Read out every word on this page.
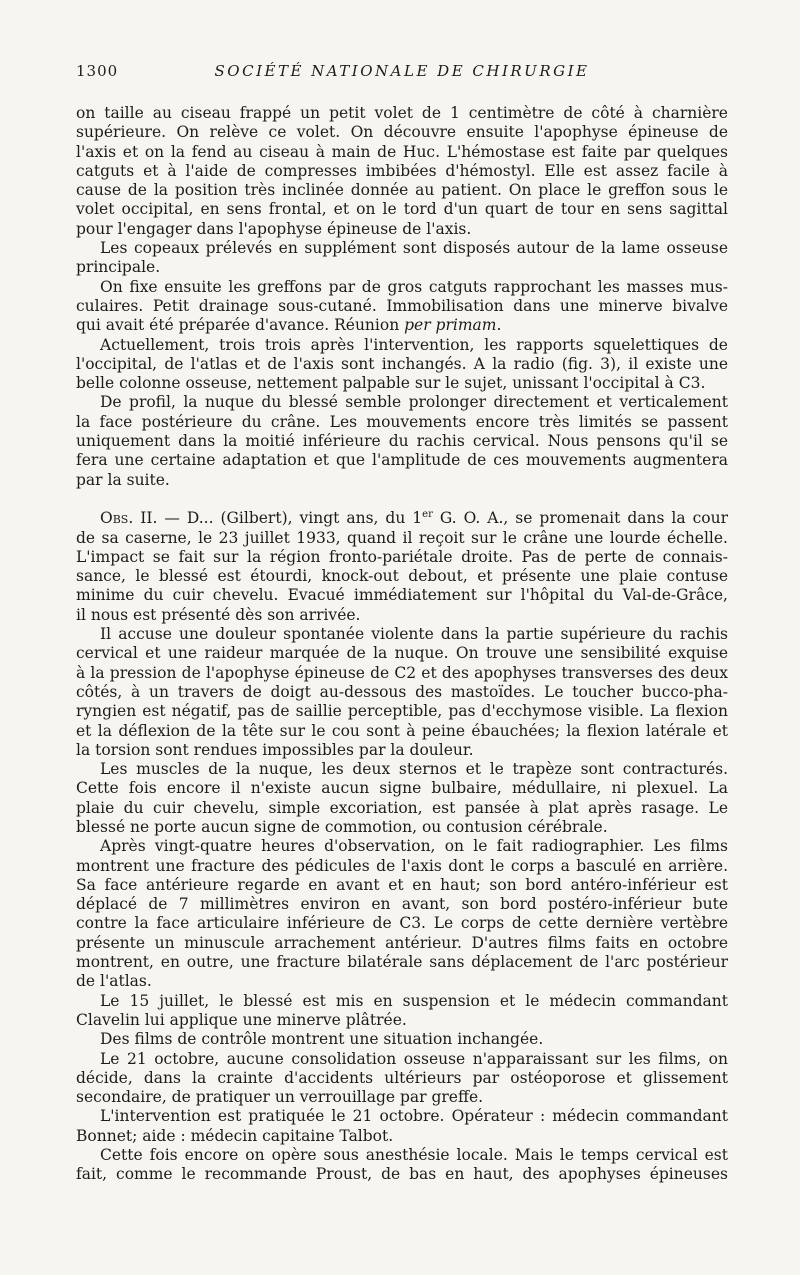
1300	SOCIÉTÉ NATIONALE DE CHIRURGIE

on taille au ciseau frappé un petit volet de 1 centimètre de côté à charnière
supérieure. On relève ce volet. On découvre ensuite l'apophyse épineuse de
l'axis et on la fend au ciseau à main de Huc. L'hémostase est faite par quelques
catguts et à l'aide de compresses imbibées d'hémostyl. Elle est assez facile à
cause de la position très inclinée donnée au patient. On place le greffon sous le
volet occipital, en sens frontal, et on le tord d'un quart de tour en sens sagittal
pour l'engager dans l'apophyse épineuse de l'axis.

Les copeaux prélevés en supplément sont disposés autour de la lame osseuse
principale.

On fixe ensuite les greffons par de gros catguts rapprochant les masses mus-
culaires. Petit drainage sous-cutané. Immobilisation dans une minerve bivalve
qui avait été préparée d'avance. Réunion per primam.

Actuellement, trois trois après l'intervention, les rapports squelettiques de
l'occipital, de l'atlas et de l'axis sont inchangés. A la radio (fig. 3), il existe une
belle colonne osseuse, nettement palpable sur le sujet, unissant l'occipital à C3.

De profil, la nuque du blessé semble prolonger directement et verticalement
la face postérieure du crâne. Les mouvements encore très limités se passent
uniquement dans la moitié inférieure du rachis cervical. Nous pensons qu'il se
fera une certaine adaptation et que l'amplitude de ces mouvements augmentera
par la suite.

Obs. II. — D... (Gilbert), vingt ans, du 1er G. O. A., se promenait dans la cour
de sa caserne, le 23 juillet 1933, quand il reçoit sur le crâne une lourde échelle.
L'impact se fait sur la région fronto-pariétale droite. Pas de perte de connais-
sance, le blessé est étourdi, knock-out debout, et présente une plaie contuse
minime du cuir chevelu. Evacué immédiatement sur l'hôpital du Val-de-Grâce,
il nous est présenté dès son arrivée.

Il accuse une douleur spontanée violente dans la partie supérieure du rachis
cervical et une raideur marquée de la nuque. On trouve une sensibilité exquise
à la pression de l'apophyse épineuse de C2 et des apophyses transverses des deux
côtés, à un travers de doigt au-dessous des mastoïdes. Le toucher bucco-pha-
ryngien est négatif, pas de saillie perceptible, pas d'ecchymose visible. La flexion
et la déflexion de la tête sur le cou sont à peine ébauchées; la flexion latérale et
la torsion sont rendues impossibles par la douleur.

Les muscles de la nuque, les deux sternos et le trapèze sont contracturés.
Cette fois encore il n'existe aucun signe bulbaire, médullaire, ni plexuel. La
plaie du cuir chevelu, simple excoriation, est pansée à plat après rasage. Le
blessé ne porte aucun signe de commotion, ou contusion cérébrale.

Après vingt-quatre heures d'observation, on le fait radiographier. Les films
montrent une fracture des pédicules de l'axis dont le corps a basculé en arrière.
Sa face antérieure regarde en avant et en haut; son bord antéro-inférieur est
déplacé de 7 millimètres environ en avant, son bord postéro-inférieur bute
contre la face articulaire inférieure de C3. Le corps de cette dernière vertèbre
présente un minuscule arrachement antérieur. D'autres films faits en octobre
montrent, en outre, une fracture bilatérale sans déplacement de l'arc postérieur
de l'atlas.

Le 15 juillet, le blessé est mis en suspension et le médecin commandant
Clavelin lui applique une minerve plâtrée.

Des films de contrôle montrent une situation inchangée.

Le 21 octobre, aucune consolidation osseuse n'apparaissant sur les films, on
décide, dans la crainte d'accidents ultérieurs par ostéoporose et glissement
secondaire, de pratiquer un verrouillage par greffe.

L'intervention est pratiquée le 21 octobre. Opérateur : médecin commandant
Bonnet; aide : médecin capitaine Talbot.

Cette fois encore on opère sous anesthésie locale. Mais le temps cervical est
fait, comme le recommande Proust, de bas en haut, des apophyses épineuses
